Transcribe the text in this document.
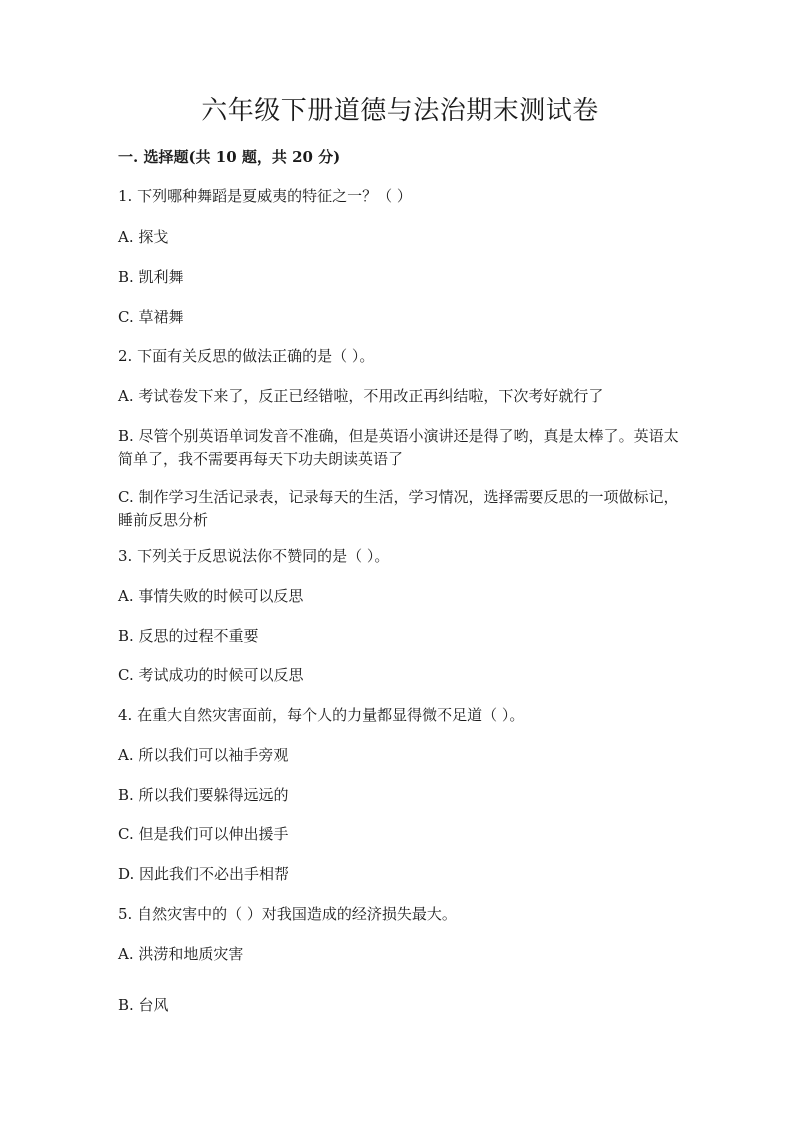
六年级下册道德与法治期末测试卷
一. 选择题(共 10 题，共 20 分)
1. 下列哪种舞蹈是夏威夷的特征之一？（ ）
A. 探戈
B. 凯利舞
C. 草裙舞
2. 下面有关反思的做法正确的是（ ）。
A. 考试卷发下来了，反正已经错啦，不用改正再纠结啦，下次考好就行了
B. 尽管个别英语单词发音不准确，但是英语小演讲还是得了哟，真是太棒了。英语太简单了，我不需要再每天下功夫朗读英语了
C. 制作学习生活记录表，记录每天的生活，学习情况，选择需要反思的一项做标记，睡前反思分析
3. 下列关于反思说法你不赞同的是（ ）。
A. 事情失败的时候可以反思
B. 反思的过程不重要
C. 考试成功的时候可以反思
4. 在重大自然灾害面前，每个人的力量都显得微不足道（ ）。
A. 所以我们可以袖手旁观
B. 所以我们要躲得远远的
C. 但是我们可以伸出援手
D. 因此我们不必出手相帮
5. 自然灾害中的（ ）对我国造成的经济损失最大。
A. 洪涝和地质灾害
B. 台风
